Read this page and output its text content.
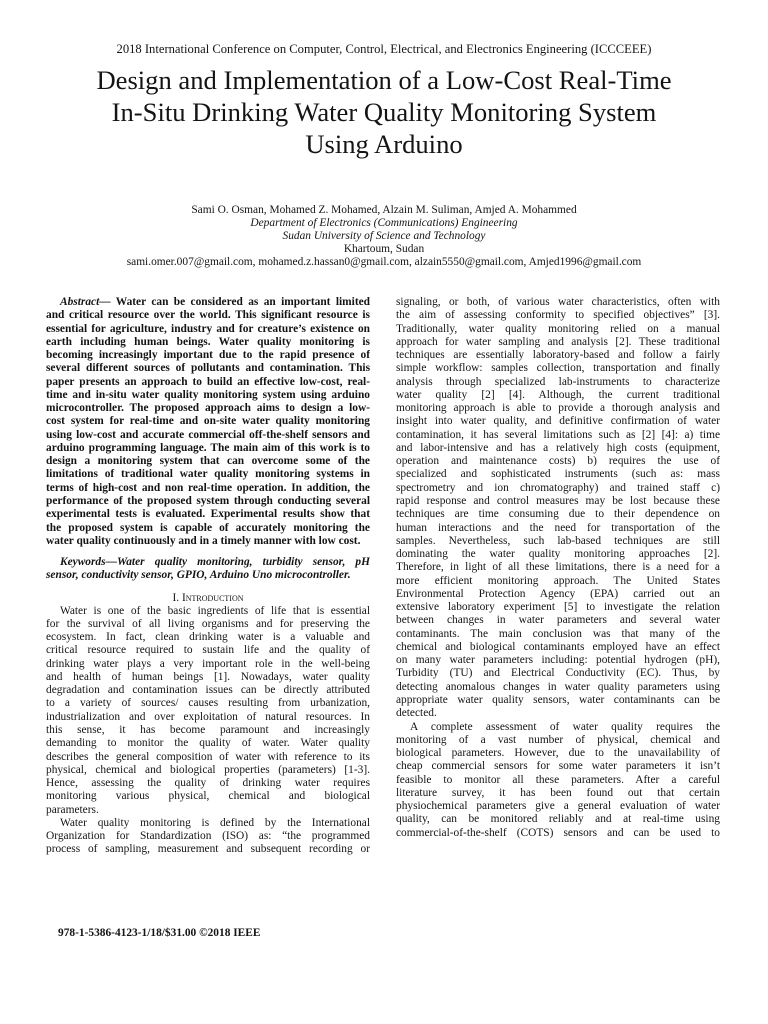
2018 International Conference on Computer, Control, Electrical, and Electronics Engineering (ICCCEEE)
Design and Implementation of a Low-Cost Real-Time
In-Situ Drinking Water Quality Monitoring System
Using Arduino
Sami O. Osman, Mohamed Z. Mohamed, Alzain M. Suliman, Amjed A. Mohammed
Department of Electronics (Communications) Engineering
Sudan University of Science and Technology
Khartoum, Sudan
sami.omer.007@gmail.com, mohamed.z.hassan0@gmail.com, alzain5550@gmail.com, Amjed1996@gmail.com
Abstract— Water can be considered as an important limited
and critical resource over the world. This significant resource is
essential for agriculture, industry and for creature’s existence on
earth including human beings. Water quality monitoring is
becoming increasingly important due to the rapid presence of
several different sources of pollutants and contamination. This
paper presents an approach to build an effective low-cost, real-
time and in-situ water quality monitoring system using arduino
microcontroller. The proposed approach aims to design a low-
cost system for real-time and on-site water quality monitoring
using low-cost and accurate commercial off-the-shelf sensors and
arduino programming language. The main aim of this work is to
design a monitoring system that can overcome some of the
limitations of traditional water quality monitoring systems in
terms of high-cost and non real-time operation. In addition, the
performance of the proposed system through conducting several
experimental tests is evaluated. Experimental results show that
the proposed system is capable of accurately monitoring the
water quality continuously and in a timely manner with low cost.
Keywords—Water quality monitoring, turbidity sensor, pH
sensor, conductivity sensor, GPIO, Arduino Uno microcontroller.
I. Introduction
Water is one of the basic ingredients of life that is essential
for the survival of all living organisms and for preserving the
ecosystem. In fact, clean drinking water is a valuable and
critical resource required to sustain life and the quality of
drinking water plays a very important role in the well-being
and health of human beings [1]. Nowadays, water quality
degradation and contamination issues can be directly attributed
to a variety of sources/ causes resulting from urbanization,
industrialization and over exploitation of natural resources. In
this sense, it has become paramount and increasingly
demanding to monitor the quality of water. Water quality
describes the general composition of water with reference to its
physical, chemical and biological properties (parameters) [1-3].
Hence, assessing the quality of drinking water requires
monitoring various physical, chemical and biological
parameters.
Water quality monitoring is defined by the International
Organization for Standardization (ISO) as: “the programmed
process of sampling, measurement and subsequent recording or
signaling, or both, of various water characteristics, often with
the aim of assessing conformity to specified objectives” [3].
Traditionally, water quality monitoring relied on a manual
approach for water sampling and analysis [2]. These traditional
techniques are essentially laboratory-based and follow a fairly
simple workflow: samples collection, transportation and finally
analysis through specialized lab-instruments to characterize
water quality [2] [4]. Although, the current traditional
monitoring approach is able to provide a thorough analysis and
insight into water quality, and definitive confirmation of water
contamination, it has several limitations such as [2] [4]: a) time
and labor-intensive and has a relatively high costs (equipment,
operation and maintenance costs) b) requires the use of
specialized and sophisticated instruments (such as: mass
spectrometry and ion chromatography) and trained staff c)
rapid response and control measures may be lost because these
techniques are time consuming due to their dependence on
human interactions and the need for transportation of the
samples. Nevertheless, such lab-based techniques are still
dominating the water quality monitoring approaches [2].
Therefore, in light of all these limitations, there is a need for a
more efficient monitoring approach. The United States
Environmental Protection Agency (EPA) carried out an
extensive laboratory experiment [5] to investigate the relation
between changes in water parameters and several water
contaminants. The main conclusion was that many of the
chemical and biological contaminants employed have an effect
on many water parameters including: potential hydrogen (pH),
Turbidity (TU) and Electrical Conductivity (EC). Thus, by
detecting anomalous changes in water quality parameters using
appropriate water quality sensors, water contaminants can be
detected.
A complete assessment of water quality requires the
monitoring of a vast number of physical, chemical and
biological parameters. However, due to the unavailability of
cheap commercial sensors for some water parameters it isn’t
feasible to monitor all these parameters. After a careful
literature survey, it has been found out that certain
physiochemical parameters give a general evaluation of water
quality, can be monitored reliably and at real-time using
commercial-of-the-shelf (COTS) sensors and can be used to
978-1-5386-4123-1/18/$31.00 ©2018 IEEE
